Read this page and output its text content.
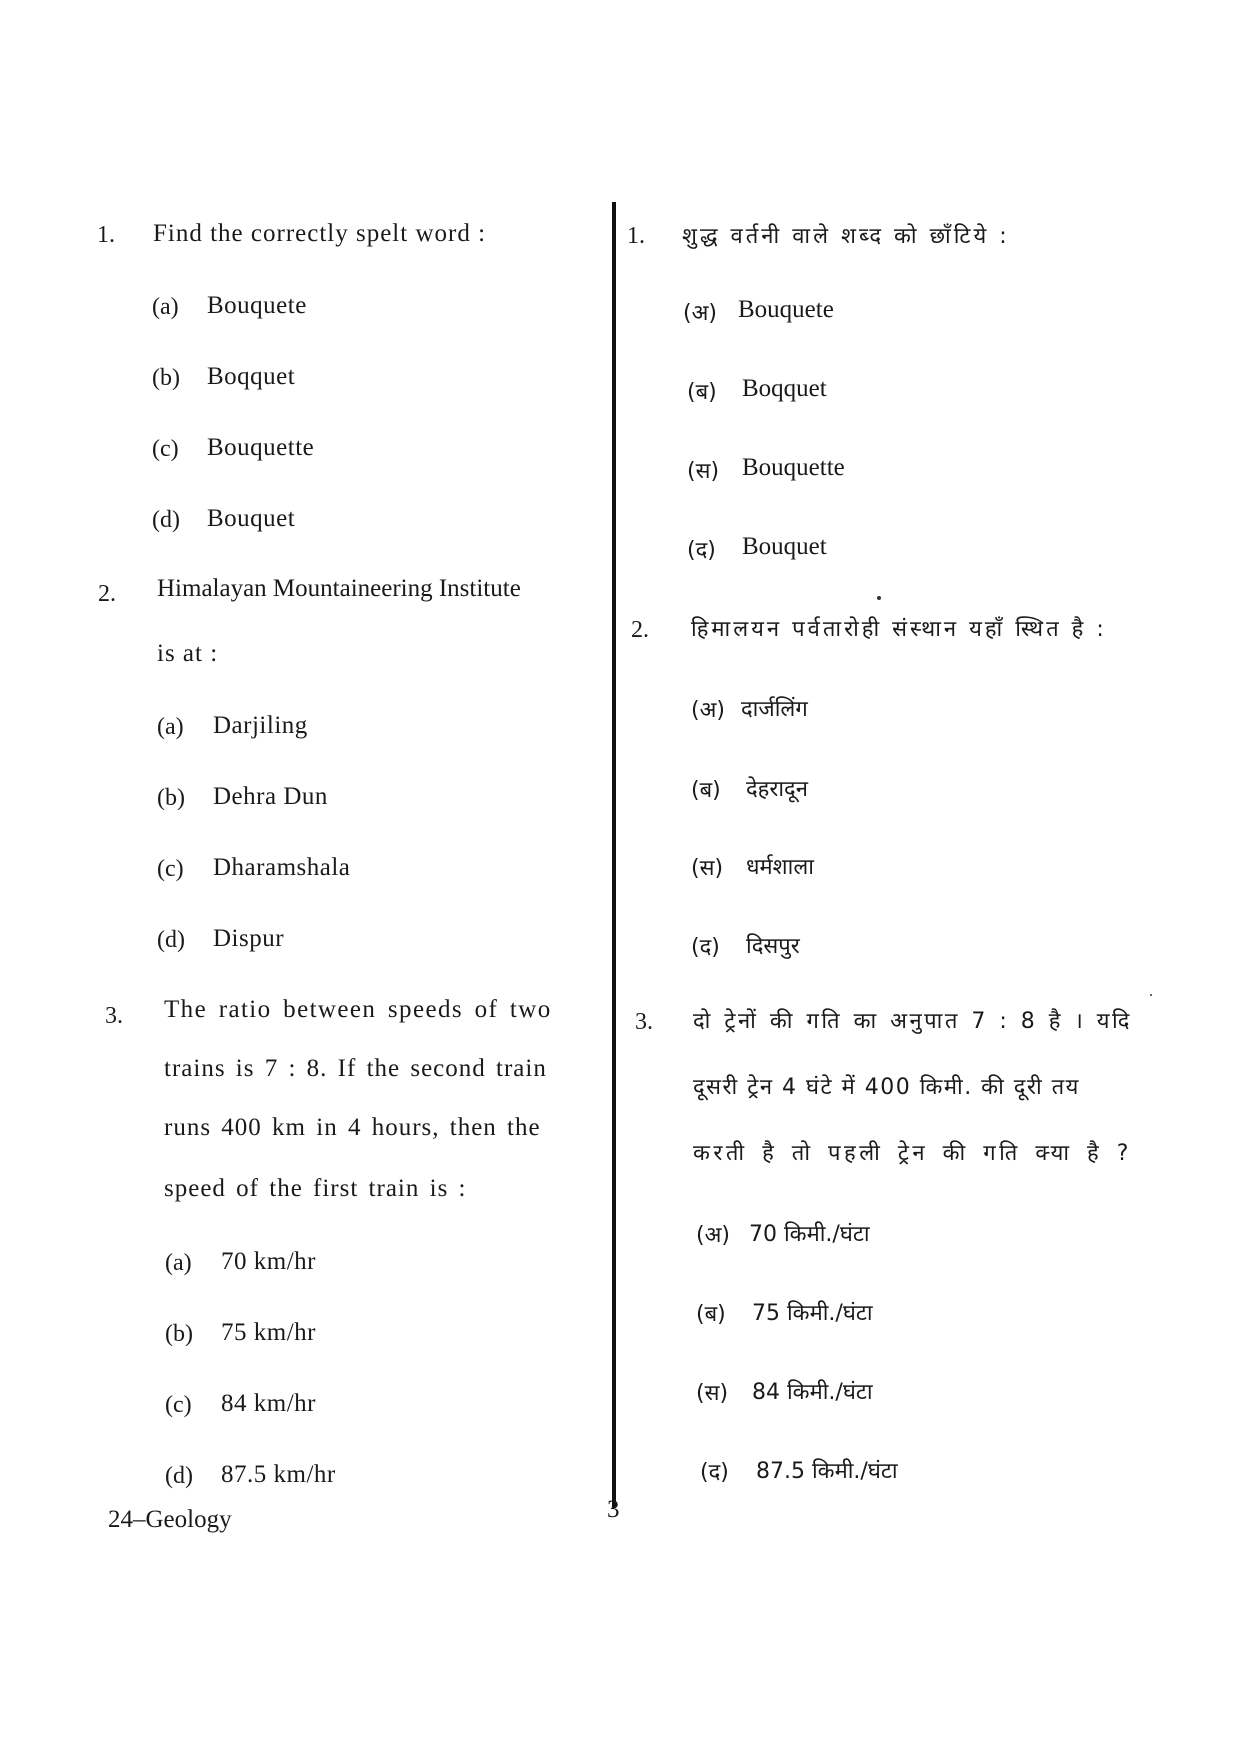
1. Find the correctly spelt word :
(a) Bouquete
(b) Boqquet
(c) Bouquette
(d) Bouquet
2. Himalayan Mountaineering Institute
is at :
(a) Darjiling
(b) Dehra Dun
(c) Dharamshala
(d) Dispur
3. The ratio between speeds of two
trains is 7 : 8. If the second train
runs 400 km in 4 hours, then the
speed of the first train is :
(a) 70 km/hr
(b) 75 km/hr
(c) 84 km/hr
(d) 87.5 km/hr
1. शुद्ध वर्तनी वाले शब्द को छाँटिये :
(अ) Bouquete
(ब) Boqquet
(स) Bouquette
(द) Bouquet
2. हिमालयन पर्वतारोही संस्थान यहाँ स्थित है :
(अ) दार्जलिंग
(ब) देहरादून
(स) धर्मशाला
(द) दिसपुर
3. दो ट्रेनों की गति का अनुपात 7 : 8 है । यदि
दूसरी ट्रेन 4 घंटे में 400 किमी. की दूरी तय
करती है तो पहली ट्रेन की गति क्या है ?
(अ) 70 किमी./घंटा
(ब) 75 किमी./घंटा
(स) 84 किमी./घंटा
(द) 87.5 किमी./घंटा
24–Geology	3
